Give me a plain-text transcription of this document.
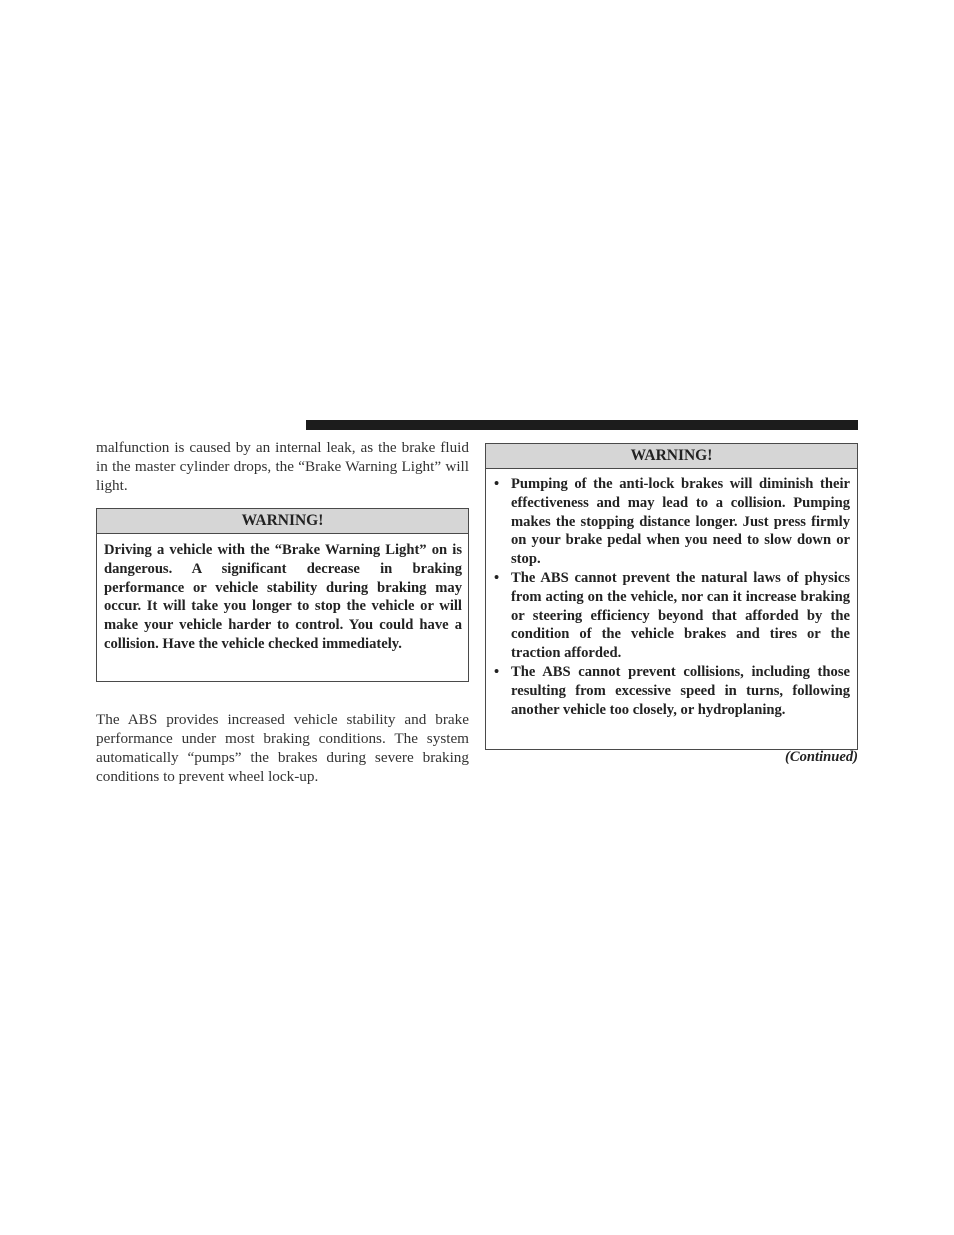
malfunction is caused by an internal leak, as the brake fluid in the master cylinder drops, the “Brake Warning Light” will light.

WARNING!
Driving a vehicle with the “Brake Warning Light” on is dangerous. A significant decrease in braking performance or vehicle stability during braking may occur. It will take you longer to stop the vehicle or will make your vehicle harder to control. You could have a collision. Have the vehicle checked immediately.

The ABS provides increased vehicle stability and brake performance under most braking conditions. The system automatically “pumps” the brakes during severe braking conditions to prevent wheel lock-up.

WARNING!
• Pumping of the anti-lock brakes will diminish their effectiveness and may lead to a collision. Pumping makes the stopping distance longer. Just press firmly on your brake pedal when you need to slow down or stop.
• The ABS cannot prevent the natural laws of physics from acting on the vehicle, nor can it increase braking or steering efficiency beyond that afforded by the condition of the vehicle brakes and tires or the traction afforded.
• The ABS cannot prevent collisions, including those resulting from excessive speed in turns, following another vehicle too closely, or hydroplaning.
(Continued)
